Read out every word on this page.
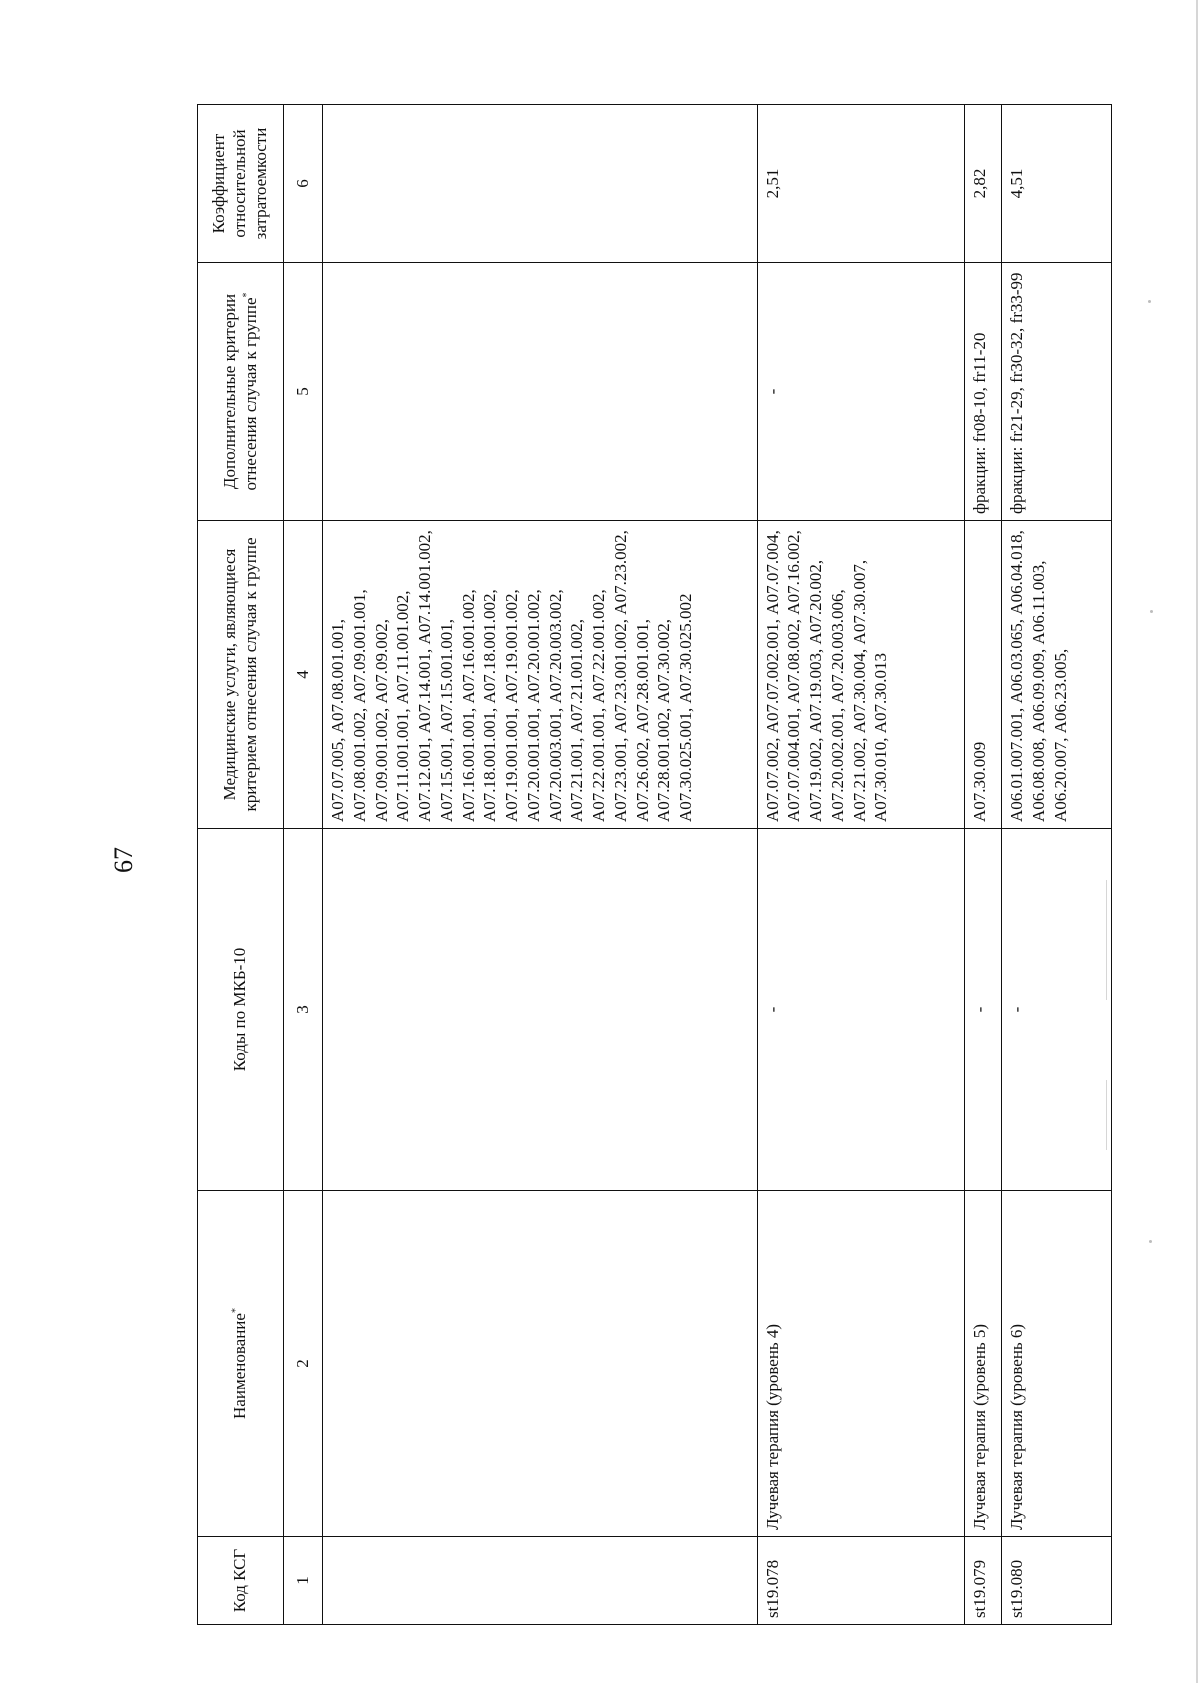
67
Код КСГ	Наименование*	Коды по МКБ-10	Медицинские услуги, являющиеся критерием отнесения случая к группе	Дополнительные критерии отнесения случая к группе*	Коэффициент относительной затратоемкости
1	2	3	4	5	6
			А07.07.005, А07.08.001.001, А07.08.001.002, А07.09.001.001, А07.09.001.002, А07.09.002, А07.11.001.001, А07.11.001.002, А07.12.001, А07.14.001, А07.14.001.002, А07.15.001, А07.15.001.001, А07.16.001.001, А07.16.001.002, А07.18.001.001, А07.18.001.002, А07.19.001.001, А07.19.001.002, А07.20.001.001, А07.20.001.002, А07.20.003.001, А07.20.003.002, А07.21.001, А07.21.001.002, А07.22.001.001, А07.22.001.002, А07.23.001, А07.23.001.002, А07.23.002, А07.26.002, А07.28.001.001, А07.28.001.002, А07.30.002, А07.30.025.001, А07.30.025.002		
st19.078	Лучевая терапия (уровень 4)	-	А07.07.002, А07.07.002.001, А07.07.004, А07.07.004.001, А07.08.002, А07.16.002, А07.19.002, А07.19.003, А07.20.002, А07.20.002.001, А07.20.003.006, А07.21.002, А07.30.004, А07.30.007, А07.30.010, А07.30.013	-	2,51
st19.079	Лучевая терапия (уровень 5)	-	А07.30.009	фракции: fr08-10, fr11-20	2,82
st19.080	Лучевая терапия (уровень 6)	-	А06.01.007.001, А06.03.065, А06.04.018, А06.08.008, А06.09.009, А06.11.003, А06.20.007, А06.23.005,	фракции: fr21-29, fr30-32, fr33-99	4,51
